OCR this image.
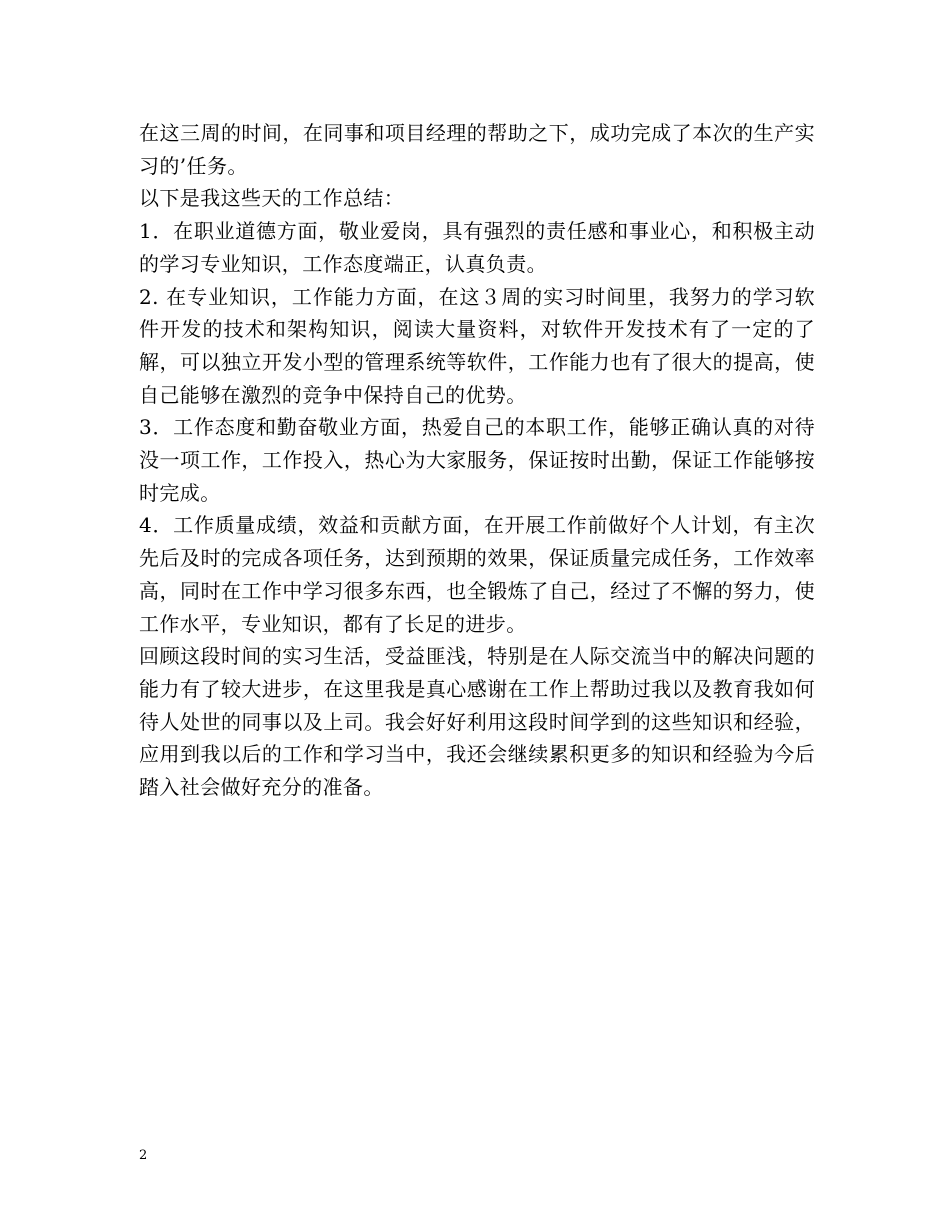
在这三周的时间，在同事和项目经理的帮助之下，成功完成了本次的生产实习的’任务。

以下是我这些天的工作总结：

1．在职业道德方面，敬业爱岗，具有强烈的责任感和事业心，和积极主动的学习专业知识，工作态度端正，认真负责。

2. 在专业知识，工作能力方面，在这３周的实习时间里，我努力的学习软件开发的技术和架构知识，阅读大量资料，对软件开发技术有了一定的了解，可以独立开发小型的管理系统等软件，工作能力也有了很大的提高，使自己能够在激烈的竞争中保持自己的优势。

3．工作态度和勤奋敬业方面，热爱自己的本职工作，能够正确认真的对待没一项工作，工作投入，热心为大家服务，保证按时出勤，保证工作能够按时完成。

4．工作质量成绩，效益和贡献方面，在开展工作前做好个人计划，有主次先后及时的完成各项任务，达到预期的效果，保证质量完成任务，工作效率高，同时在工作中学习很多东西，也全锻炼了自己，经过了不懈的努力，使工作水平，专业知识，都有了长足的进步。

回顾这段时间的实习生活，受益匪浅，特别是在人际交流当中的解决问题的能力有了较大进步，在这里我是真心感谢在工作上帮助过我以及教育我如何待人处世的同事以及上司。我会好好利用这段时间学到的这些知识和经验，应用到我以后的工作和学习当中，我还会继续累积更多的知识和经验为今后踏入社会做好充分的准备。

2
